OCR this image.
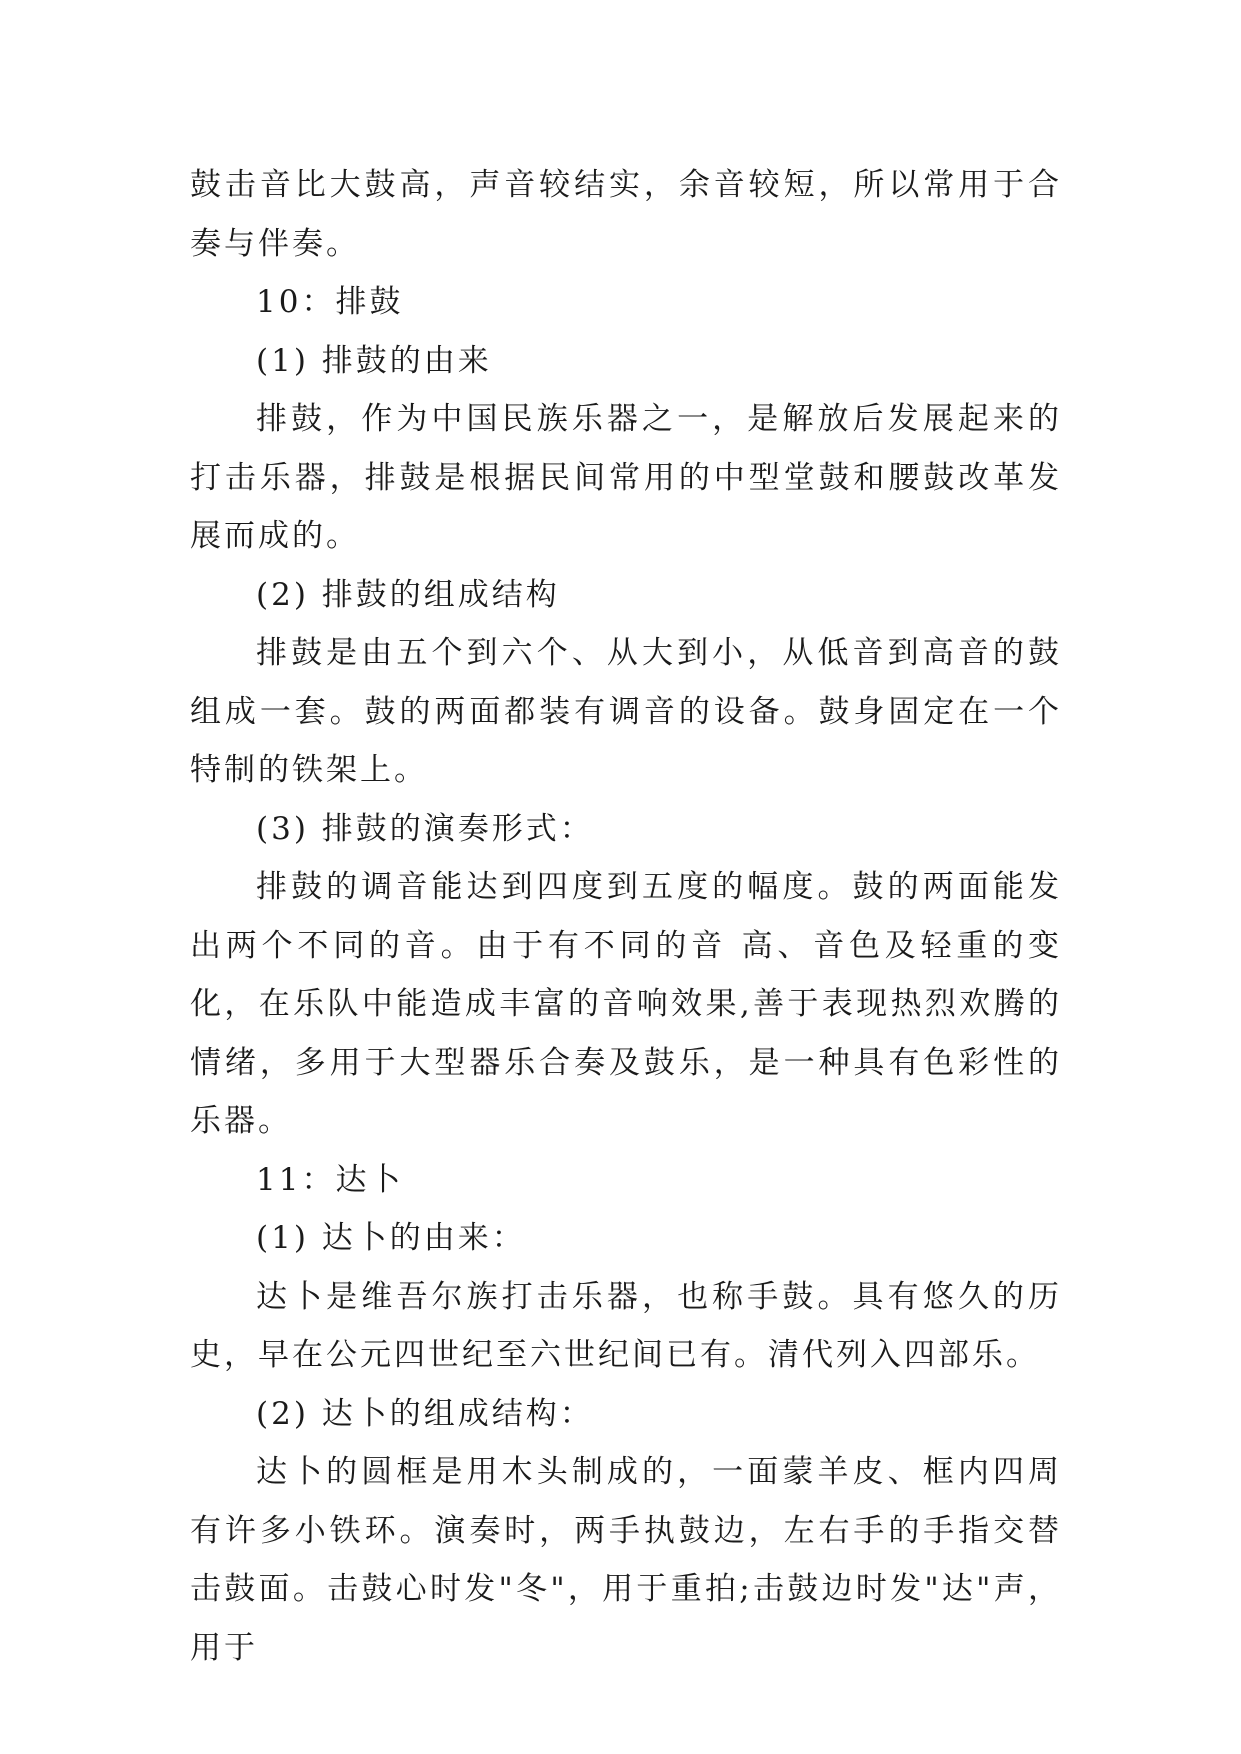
鼓击音比大鼓高，声音较结实，余音较短，所以常用于合奏与伴奏。

10：排鼓

(1) 排鼓的由来

排鼓，作为中国民族乐器之一，是解放后发展起来的打击乐器，排鼓是根据民间常用的中型堂鼓和腰鼓改革发展而成的。

(2) 排鼓的组成结构

排鼓是由五个到六个、从大到小，从低音到高音的鼓组成一套。鼓的两面都装有调音的设备。鼓身固定在一个特制的铁架上。

(3) 排鼓的演奏形式：

排鼓的调音能达到四度到五度的幅度。鼓的两面能发出两个不同的音。由于有不同的音 高、音色及轻重的变化，在乐队中能造成丰富的音响效果,善于表现热烈欢腾的情绪，多用于大型器乐合奏及鼓乐，是一种具有色彩性的乐器。

11：达卜

(1) 达卜的由来：

达卜是维吾尔族打击乐器，也称手鼓。具有悠久的历史，早在公元四世纪至六世纪间已有。清代列入四部乐。

(2) 达卜的组成结构：

达卜的圆框是用木头制成的，一面蒙羊皮、框内四周有许多小铁环。演奏时，两手执鼓边，左右手的手指交替击鼓面。击鼓心时发"冬"，用于重拍;击鼓边时发"达"声，用于
